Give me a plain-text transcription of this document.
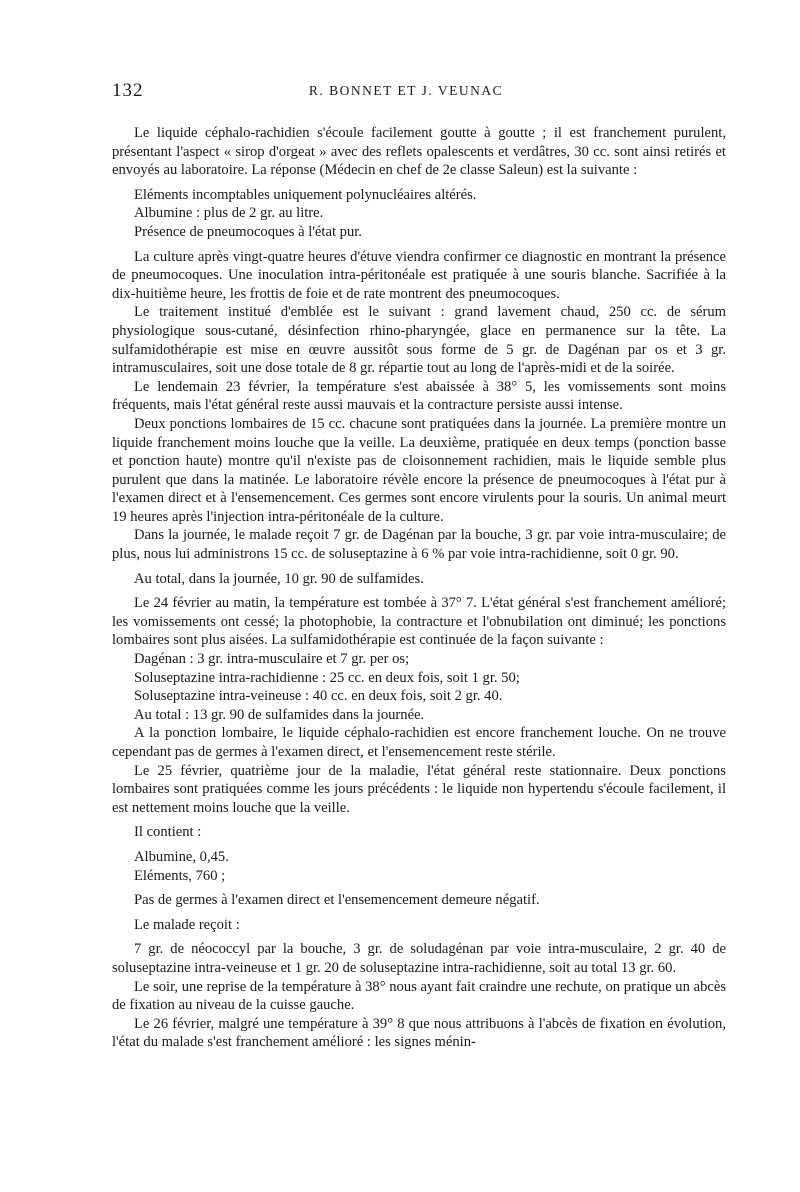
132	R. BONNET ET J. VEUNAC

Le liquide céphalo-rachidien s'écoule facilement goutte à goutte ; il est franchement purulent, présentant l'aspect « sirop d'orgeat » avec des reflets opalescents et verdâtres, 30 cc. sont ainsi retirés et envoyés au laboratoire. La réponse (Médecin en chef de 2e classe Saleun) est la suivante :

Eléments incomptables uniquement polynucléaires altérés.

Albumine : plus de 2 gr. au litre.

Présence de pneumocoques à l'état pur.

La culture après vingt-quatre heures d'étuve viendra confirmer ce diagnostic en montrant la présence de pneumocoques. Une inoculation intra-péritonéale est pratiquée à une souris blanche. Sacrifiée à la dix-huitième heure, les frottis de foie et de rate montrent des pneumocoques.

Le traitement institué d'emblée est le suivant : grand lavement chaud, 250 cc. de sérum physiologique sous-cutané, désinfection rhino-pharyngée, glace en permanence sur la tête. La sulfamidothérapie est mise en œuvre aussitôt sous forme de 5 gr. de Dagénan par os et 3 gr. intramusculaires, soit une dose totale de 8 gr. répartie tout au long de l'après-midi et de la soirée.

Le lendemain 23 février, la température s'est abaissée à 38° 5, les vomissements sont moins fréquents, mais l'état général reste aussi mauvais et la contracture persiste aussi intense.

Deux ponctions lombaires de 15 cc. chacune sont pratiquées dans la journée. La première montre un liquide franchement moins louche que la veille. La deuxième, pratiquée en deux temps (ponction basse et ponction haute) montre qu'il n'existe pas de cloisonnement rachidien, mais le liquide semble plus purulent que dans la matinée. Le laboratoire révèle encore la présence de pneumocoques à l'état pur à l'examen direct et à l'ensemencement. Ces germes sont encore virulents pour la souris. Un animal meurt 19 heures après l'injection intra-péritonéale de la culture.

Dans la journée, le malade reçoit 7 gr. de Dagénan par la bouche, 3 gr. par voie intra-musculaire; de plus, nous lui administrons 15 cc. de soluseptazine à 6 % par voie intra-rachidienne, soit 0 gr. 90.

Au total, dans la journée, 10 gr. 90 de sulfamides.

Le 24 février au matin, la température est tombée à 37° 7. L'état général s'est franchement amélioré; les vomissements ont cessé; la photophobie, la contracture et l'obnubilation ont diminué; les ponctions lombaires sont plus aisées. La sulfamidothérapie est continuée de la façon suivante :

Dagénan : 3 gr. intra-musculaire et 7 gr. per os;

Soluseptazine intra-rachidienne : 25 cc. en deux fois, soit 1 gr. 50;

Soluseptazine intra-veineuse : 40 cc. en deux fois, soit 2 gr. 40.

Au total : 13 gr. 90 de sulfamides dans la journée.

A la ponction lombaire, le liquide céphalo-rachidien est encore franchement louche. On ne trouve cependant pas de germes à l'examen direct, et l'ensemencement reste stérile.

Le 25 février, quatrième jour de la maladie, l'état général reste stationnaire. Deux ponctions lombaires sont pratiquées comme les jours précédents : le liquide non hypertendu s'écoule facilement, il est nettement moins louche que la veille.

Il contient :

Albumine, 0,45.

Eléments, 760 ;

Pas de germes à l'examen direct et l'ensemencement demeure négatif.

Le malade reçoit :

7 gr. de néococcyl par la bouche, 3 gr. de soludagénan par voie intra-musculaire, 2 gr. 40 de soluseptazine intra-veineuse et 1 gr. 20 de soluseptazine intra-rachidienne, soit au total 13 gr. 60.

Le soir, une reprise de la température à 38° nous ayant fait craindre une rechute, on pratique un abcès de fixation au niveau de la cuisse gauche.

Le 26 février, malgré une température à 39° 8 que nous attribuons à l'abcès de fixation en évolution, l'état du malade s'est franchement amélioré : les signes ménin-
